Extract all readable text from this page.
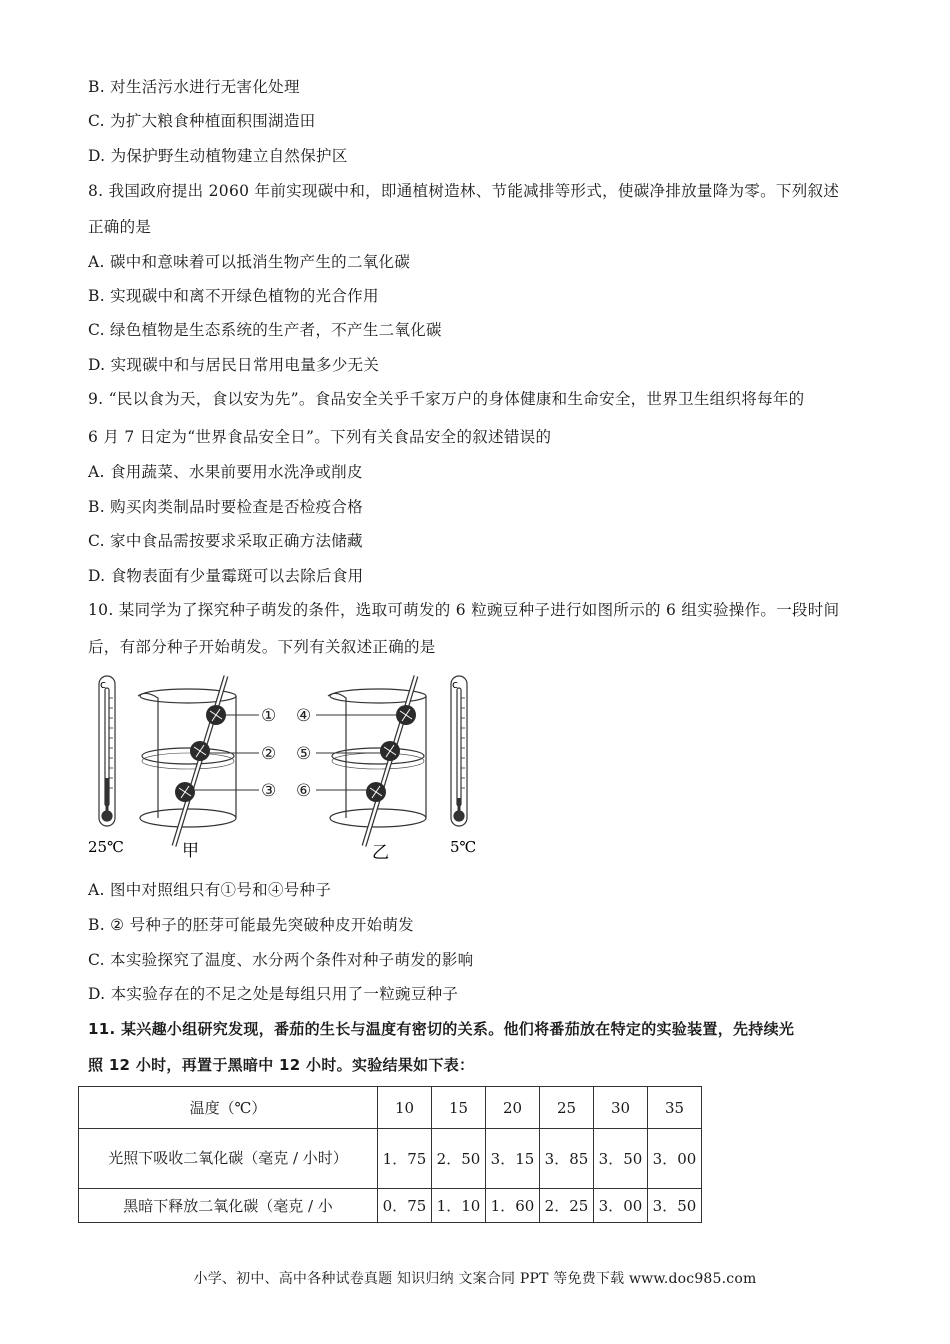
B. 对生活污水进行无害化处理
C. 为扩大粮食种植面积围湖造田
D. 为保护野生动植物建立自然保护区
8. 我国政府提出 2060 年前实现碳中和，即通植树造林、节能减排等形式，使碳净排放量降为零。下列叙述
正确的是
A. 碳中和意味着可以抵消生物产生的二氧化碳
B. 实现碳中和离不开绿色植物的光合作用
C. 绿色植物是生态系统的生产者，不产生二氧化碳
D. 实现碳中和与居民日常用电量多少无关
9. “民以食为天，食以安为先”。食品安全关乎千家万户的身体健康和生命安全，世界卫生组织将每年的
6 月 7 日定为“世界食品安全日”。下列有关食品安全的叙述错误的
A. 食用蔬菜、水果前要用水洗净或削皮
B. 购买肉类制品时要检查是否检疫合格
C. 家中食品需按要求采取正确方法储藏
D. 食物表面有少量霉斑可以去除后食用
10. 某同学为了探究种子萌发的条件，选取可萌发的 6 粒豌豆种子进行如图所示的 6 组实验操作。一段时间
后，有部分种子开始萌发。下列有关叙述正确的是
c
25℃
①
②
③
甲
④
⑤
⑥
乙
c
5℃
A. 图中对照组只有①号和④号种子
B. ② 号种子的胚芽可能最先突破种皮开始萌发
C. 本实验探究了温度、水分两个条件对种子萌发的影响
D. 本实验存在的不足之处是每组只用了一粒豌豆种子
11. 某兴趣小组研究发现，番茄的生长与温度有密切的关系。他们将番茄放在特定的实验装置，先持续光
照 12 小时，再置于黑暗中 12 小时。实验结果如下表：
温度（℃）	10	15	20	25	30	35
光照下吸收二氧化碳（毫克 / 小时）	1．75	2．50	3．15	3．85	3．50	3．00
黑暗下释放二氧化碳（毫克 / 小	0．75	1．10	1．60	2．25	3．00	3．50
小学、初中、高中各种试卷真题 知识归纳 文案合同 PPT 等免费下载 www.doc985.com
